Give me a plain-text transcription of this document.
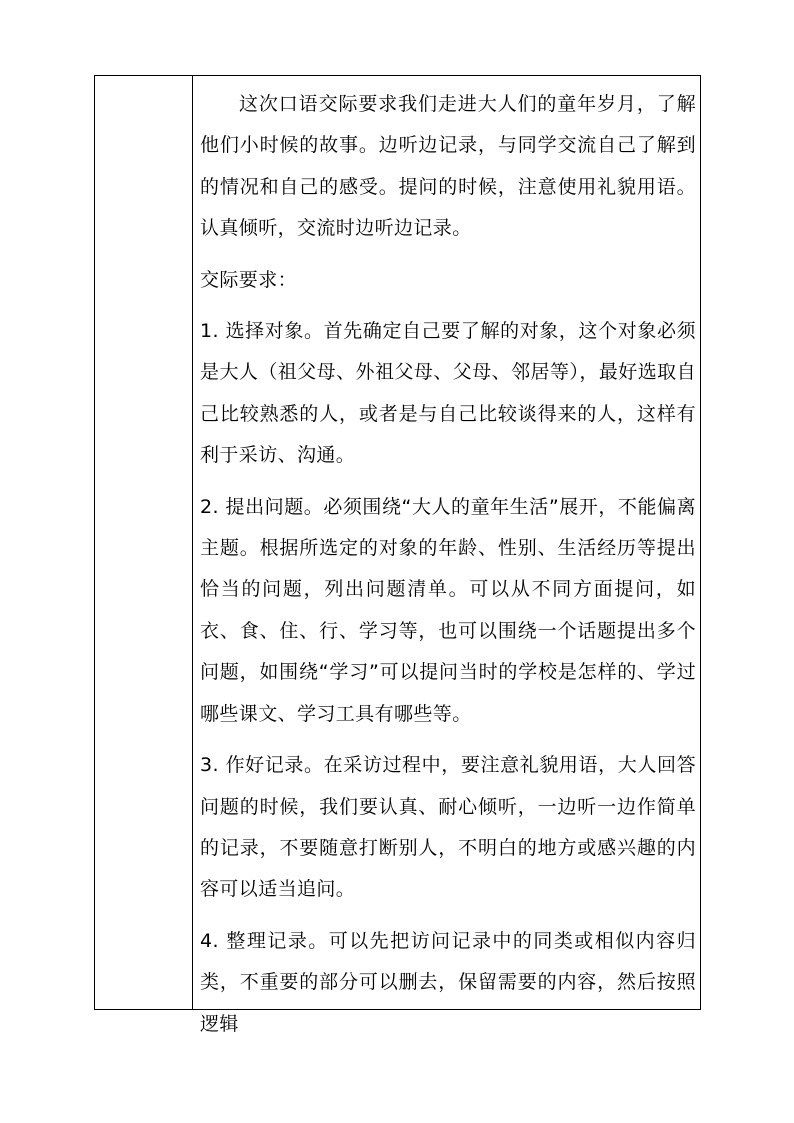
这次口语交际要求我们走进大人们的童年岁月，了解他们小时候的故事。边听边记录，与同学交流自己了解到的情况和自己的感受。提问的时候，注意使用礼貌用语。认真倾听，交流时边听边记录。

交际要求：

1. 选择对象。首先确定自己要了解的对象，这个对象必须是大人（祖父母、外祖父母、父母、邻居等），最好选取自己比较熟悉的人，或者是与自己比较谈得来的人，这样有利于采访、沟通。

2. 提出问题。必须围绕“大人的童年生活”展开，不能偏离主题。根据所选定的对象的年龄、性别、生活经历等提出恰当的问题，列出问题清单。可以从不同方面提问，如衣、食、住、行、学习等，也可以围绕一个话题提出多个问题，如围绕“学习”可以提问当时的学校是怎样的、学过哪些课文、学习工具有哪些等。

3. 作好记录。在采访过程中，要注意礼貌用语，大人回答问题的时候，我们要认真、耐心倾听，一边听一边作简单的记录，不要随意打断别人，不明白的地方或感兴趣的内容可以适当追问。

4. 整理记录。可以先把访问记录中的同类或相似内容归类，不重要的部分可以删去，保留需要的内容，然后按照逻辑
